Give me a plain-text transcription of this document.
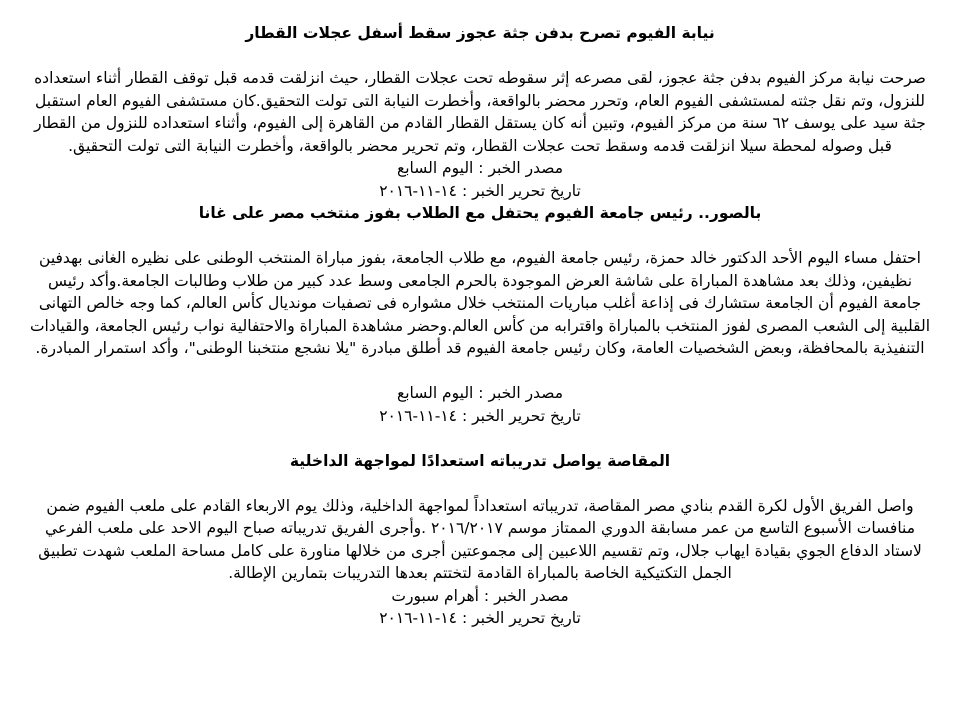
نيابة الفيوم تصرح بدفن جثة عجوز سقط أسفل عجلات القطار

صرحت نيابة مركز الفيوم بدفن جثة عجوز، لقى مصرعه إثر سقوطه تحت عجلات القطار، حيث انزلقت قدمه قبل توقف القطار أثناء استعداده للنزول، وتم نقل جثته لمستشفى الفيوم العام، وتحرر محضر بالواقعة، وأخطرت النيابة التى تولت التحقيق.كان مستشفى الفيوم العام استقبل جثة سيد على يوسف ٦٢ سنة من مركز الفيوم، وتبين أنه كان يستقل القطار القادم من القاهرة إلى الفيوم، وأثناء استعداده للنزول من القطار قبل وصوله لمحطة سيلا انزلقت قدمه وسقط تحت عجلات القطار، وتم تحرير محضر بالواقعة، وأخطرت النيابة التى تولت التحقيق.

مصدر الخبر : اليوم السابع

تاريخ تحرير الخبر : ١٤-١١-٢٠١٦

بالصور.. رئيس جامعة الفيوم يحتفل مع الطلاب بفوز منتخب مصر على غانا

احتفل مساء اليوم الأحد الدكتور خالد حمزة، رئيس جامعة الفيوم، مع طلاب الجامعة، بفوز مباراة المنتخب الوطنى على نظيره الغانى بهدفين نظيفين، وذلك بعد مشاهدة المباراة على شاشة العرض الموجودة بالحرم الجامعى وسط عدد كبير من طلاب وطالبات الجامعة.وأكد رئيس جامعة الفيوم أن الجامعة ستشارك فى إذاعة أغلب مباريات المنتخب خلال مشواره فى تصفيات مونديال كأس العالم، كما وجه خالص التهانى القلبية إلى الشعب المصرى لفوز المنتخب بالمباراة واقترابه من كأس العالم.وحضر مشاهدة المباراة والاحتفالية نواب رئيس الجامعة، والقيادات التنفيذية بالمحافظة، وبعض الشخصيات العامة، وكان رئيس جامعة الفيوم قد أطلق مبادرة "يلا نشجع منتخبنا الوطنى"، وأكد استمرار المبادرة.

مصدر الخبر : اليوم السابع

تاريخ تحرير الخبر : ١٤-١١-٢٠١٦

المقاصة يواصل تدريباته استعدادًا لمواجهة الداخلية

واصل الفريق الأول لكرة القدم بنادي مصر المقاصة، تدريباته استعداداً لمواجهة الداخلية، وذلك يوم الاربعاء القادم على ملعب الفيوم ضمن منافسات الأسبوع التاسع من عمر مسابقة الدوري الممتاز موسم ٢٠١٦/٢٠١٧ .وأجرى الفريق تدريباته صباح اليوم الاحد على ملعب الفرعي لاستاد الدفاع الجوي بقيادة ايهاب جلال، وتم تقسيم اللاعبين إلى مجموعتين أجرى من خلالها مناورة على كامل مساحة الملعب شهدت تطبيق الجمل التكتيكية الخاصة بالمباراة القادمة لتختتم بعدها التدريبات بتمارين الإطالة.

مصدر الخبر : أهرام سبورت

تاريخ تحرير الخبر : ١٤-١١-٢٠١٦
